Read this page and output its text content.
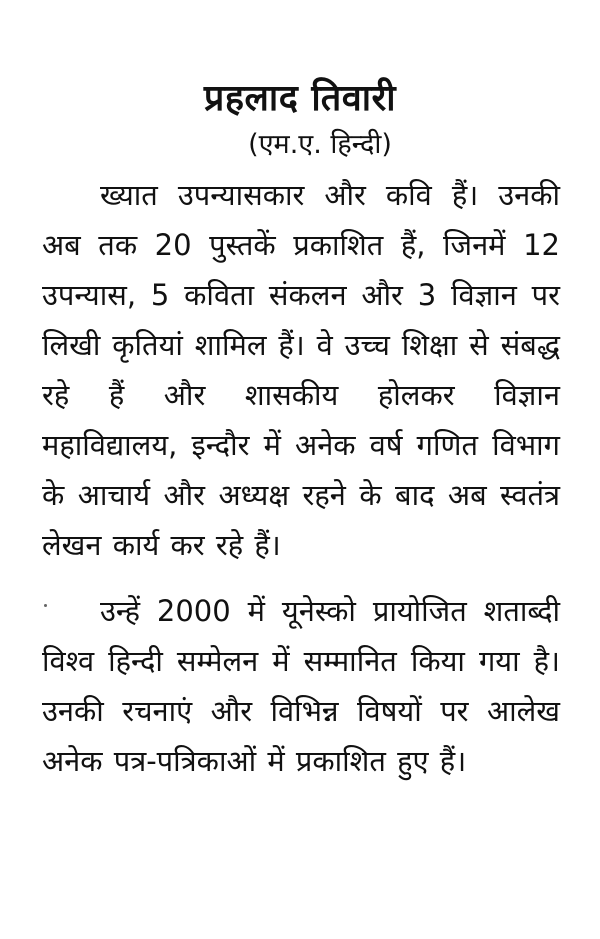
प्रहलाद तिवारी
(एम.ए. हिन्दी)

ख्यात उपन्यासकार और कवि हैं। उनकी अब तक 20 पुस्तकें प्रकाशित हैं, जिनमें 12 उपन्यास, 5 कविता संकलन और 3 विज्ञान पर लिखी कृतियां शामिल हैं। वे उच्च शिक्षा से संबद्ध रहे हैं और शासकीय होलकर विज्ञान महाविद्यालय, इन्दौर में अनेक वर्ष गणित विभाग के आचार्य और अध्यक्ष रहने के बाद अब स्वतंत्र लेखन कार्य कर रहे हैं।

उन्हें 2000 में यूनेस्को प्रायोजित शताब्दी विश्व हिन्दी सम्मेलन में सम्मानित किया गया है। उनकी रचनाएं और विभिन्न विषयों पर आलेख अनेक पत्र-पत्रिकाओं में प्रकाशित हुए हैं।
